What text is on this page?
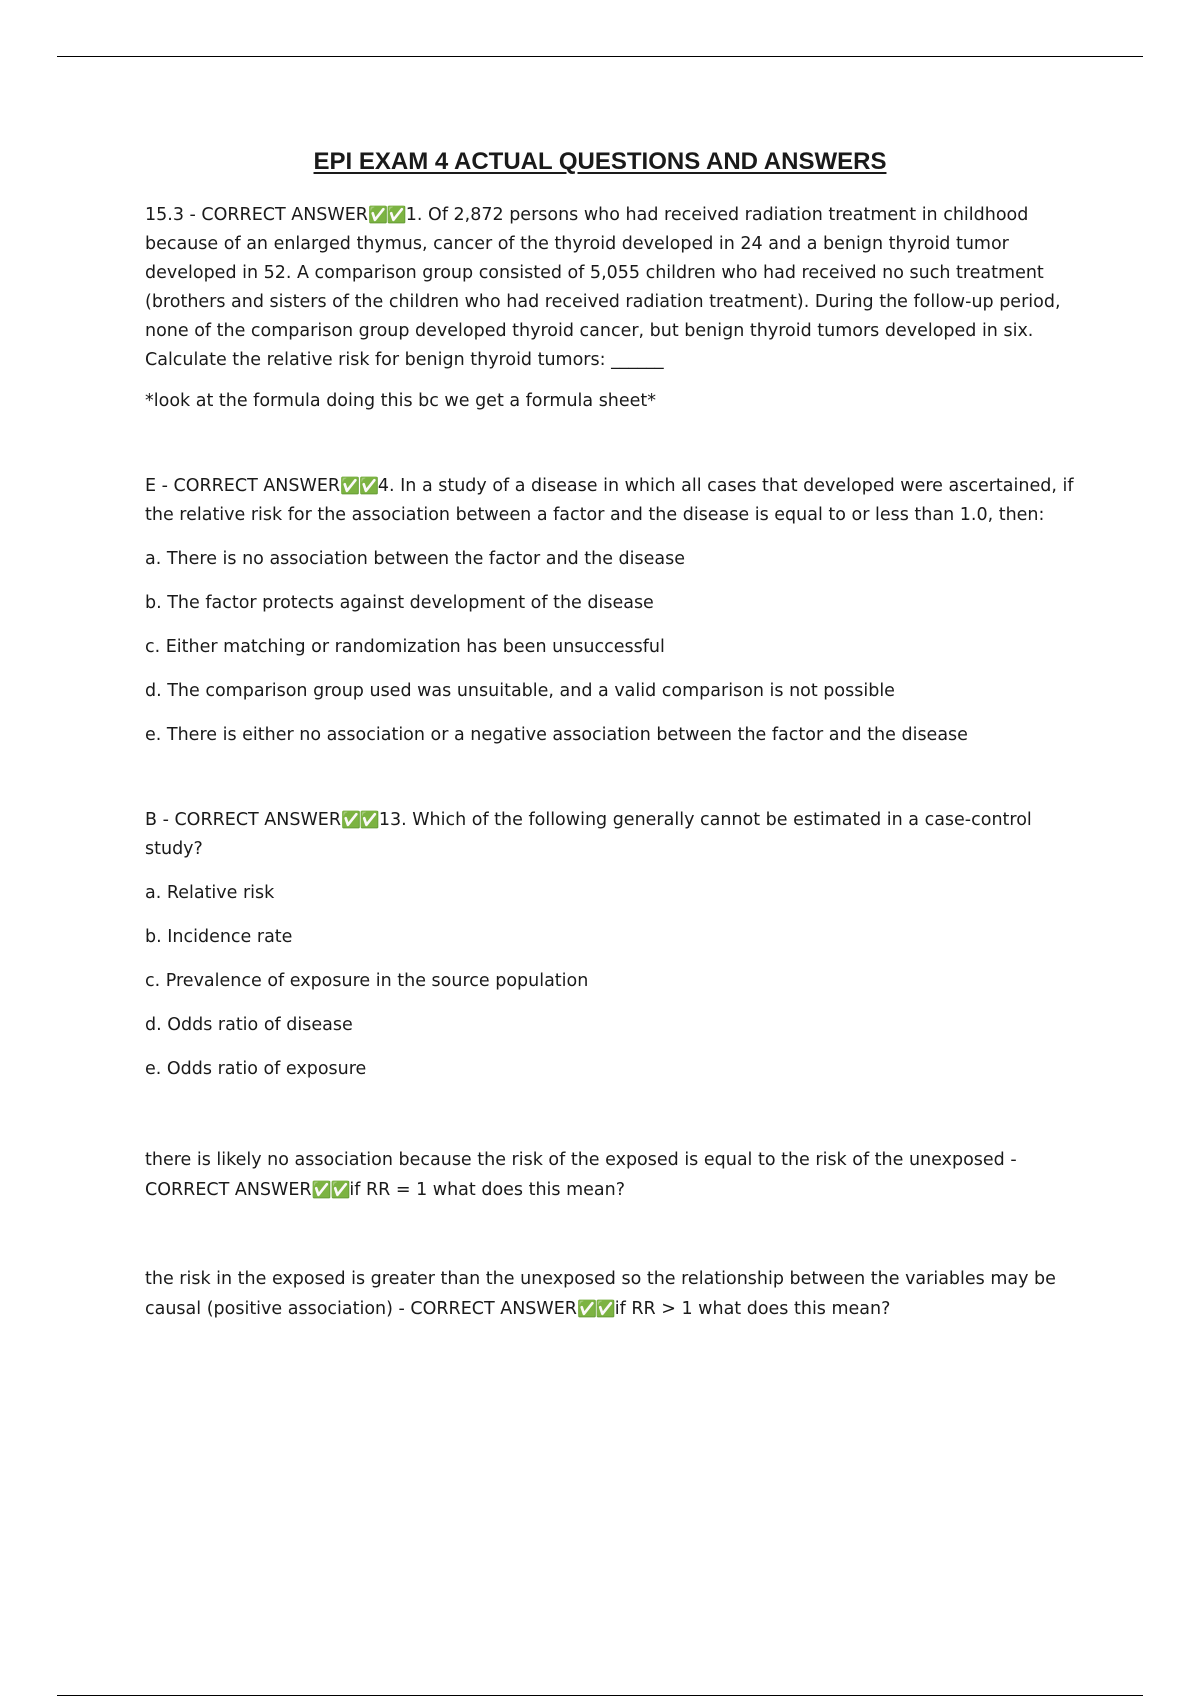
EPI EXAM 4 ACTUAL QUESTIONS AND ANSWERS

15.3 - CORRECT ANSWER✅✅1. Of 2,872 persons who had received radiation treatment in childhood because of an enlarged thymus, cancer of the thyroid developed in 24 and a benign thyroid tumor developed in 52. A comparison group consisted of 5,055 children who had received no such treatment (brothers and sisters of the children who had received radiation treatment). During the follow-up period, none of the comparison group developed thyroid cancer, but benign thyroid tumors developed in six. Calculate the relative risk for benign thyroid tumors: ______

*look at the formula doing this bc we get a formula sheet*

E - CORRECT ANSWER✅✅4. In a study of a disease in which all cases that developed were ascertained, if the relative risk for the association between a factor and the disease is equal to or less than 1.0, then:

a. There is no association between the factor and the disease

b. The factor protects against development of the disease

c. Either matching or randomization has been unsuccessful

d. The comparison group used was unsuitable, and a valid comparison is not possible

e. There is either no association or a negative association between the factor and the disease

B - CORRECT ANSWER✅✅13. Which of the following generally cannot be estimated in a case-control study?

a. Relative risk

b. Incidence rate

c. Prevalence of exposure in the source population

d. Odds ratio of disease

e. Odds ratio of exposure

there is likely no association because the risk of the exposed is equal to the risk of the unexposed - CORRECT ANSWER✅✅if RR = 1 what does this mean?

the risk in the exposed is greater than the unexposed so the relationship between the variables may be causal (positive association) - CORRECT ANSWER✅✅if RR > 1 what does this mean?
